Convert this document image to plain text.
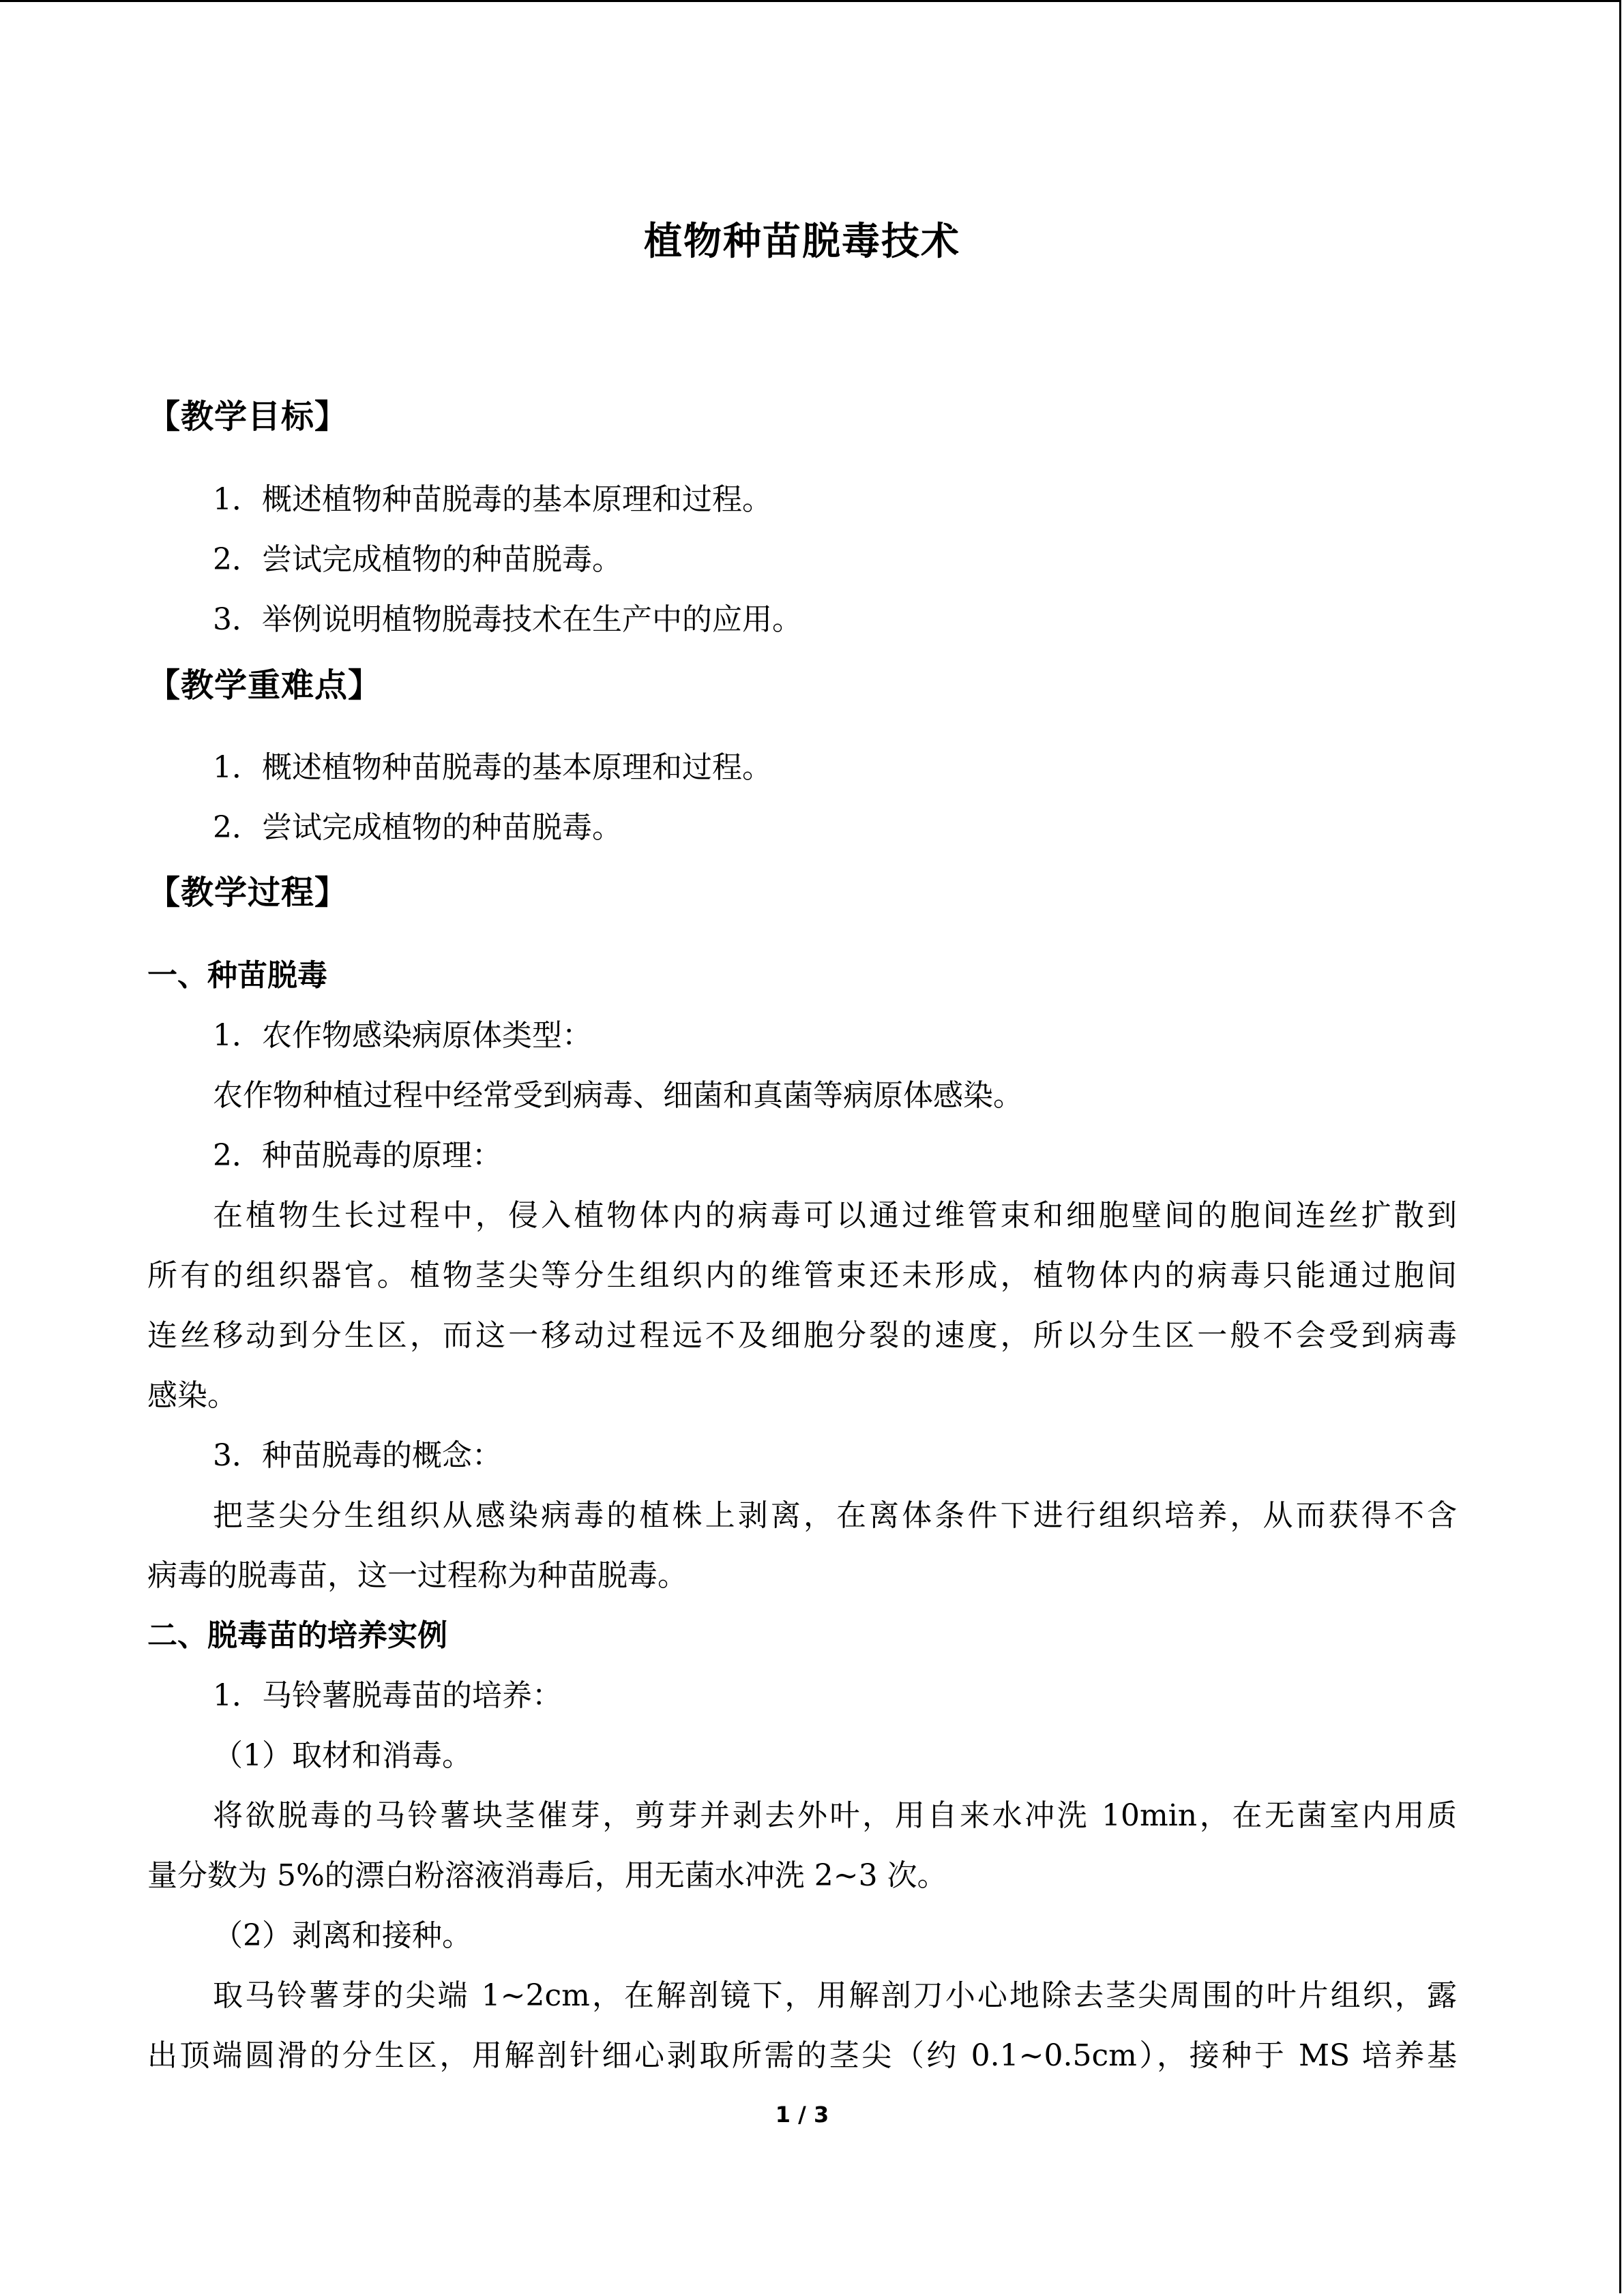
植物种苗脱毒技术
【教学目标】
1．概述植物种苗脱毒的基本原理和过程。
2．尝试完成植物的种苗脱毒。
3．举例说明植物脱毒技术在生产中的应用。
【教学重难点】
1．概述植物种苗脱毒的基本原理和过程。
2．尝试完成植物的种苗脱毒。
【教学过程】
一、种苗脱毒
1．农作物感染病原体类型：
农作物种植过程中经常受到病毒、细菌和真菌等病原体感染。
2．种苗脱毒的原理：
在植物生长过程中，侵入植物体内的病毒可以通过维管束和细胞壁间的胞间连丝扩散到
所有的组织器官。植物茎尖等分生组织内的维管束还未形成，植物体内的病毒只能通过胞间
连丝移动到分生区，而这一移动过程远不及细胞分裂的速度，所以分生区一般不会受到病毒
感染。
3．种苗脱毒的概念：
把茎尖分生组织从感染病毒的植株上剥离，在离体条件下进行组织培养，从而获得不含
病毒的脱毒苗，这一过程称为种苗脱毒。
二、脱毒苗的培养实例
1．马铃薯脱毒苗的培养：
（1）取材和消毒。
将欲脱毒的马铃薯块茎催芽，剪芽并剥去外叶，用自来水冲洗 10min，在无菌室内用质
量分数为 5%的漂白粉溶液消毒后，用无菌水冲洗 2~3 次。
（2）剥离和接种。
取马铃薯芽的尖端 1~2cm，在解剖镜下，用解剖刀小心地除去茎尖周围的叶片组织，露
出顶端圆滑的分生区，用解剖针细心剥取所需的茎尖（约 0.1~0.5cm），接种于 MS 培养基
1 / 3
